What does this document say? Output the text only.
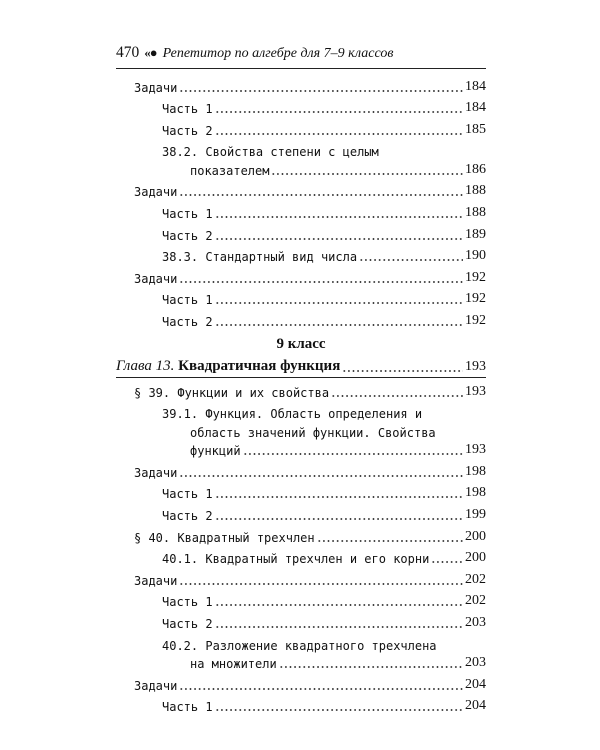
470 «● Репетитор по алгебре для 7–9 классов
Задачи	184
Часть 1	184
Часть 2	185
38.2. Свойства степени с целым
показателем	186
Задачи	188
Часть 1	188
Часть 2	189
38.3. Стандартный вид числа	190
Задачи	192
Часть 1	192
Часть 2	192
9 класс
Глава 13. Квадратичная функция	193
§ 39. Функции и их свойства	193
39.1. Функция. Область определения и
область значений функции. Свойства
функций	193
Задачи	198
Часть 1	198
Часть 2	199
§ 40. Квадратный трехчлен	200
40.1. Квадратный трехчлен и его корни	200
Задачи	202
Часть 1	202
Часть 2	203
40.2. Разложение квадратного трехчлена
на множители	203
Задачи	204
Часть 1	204
